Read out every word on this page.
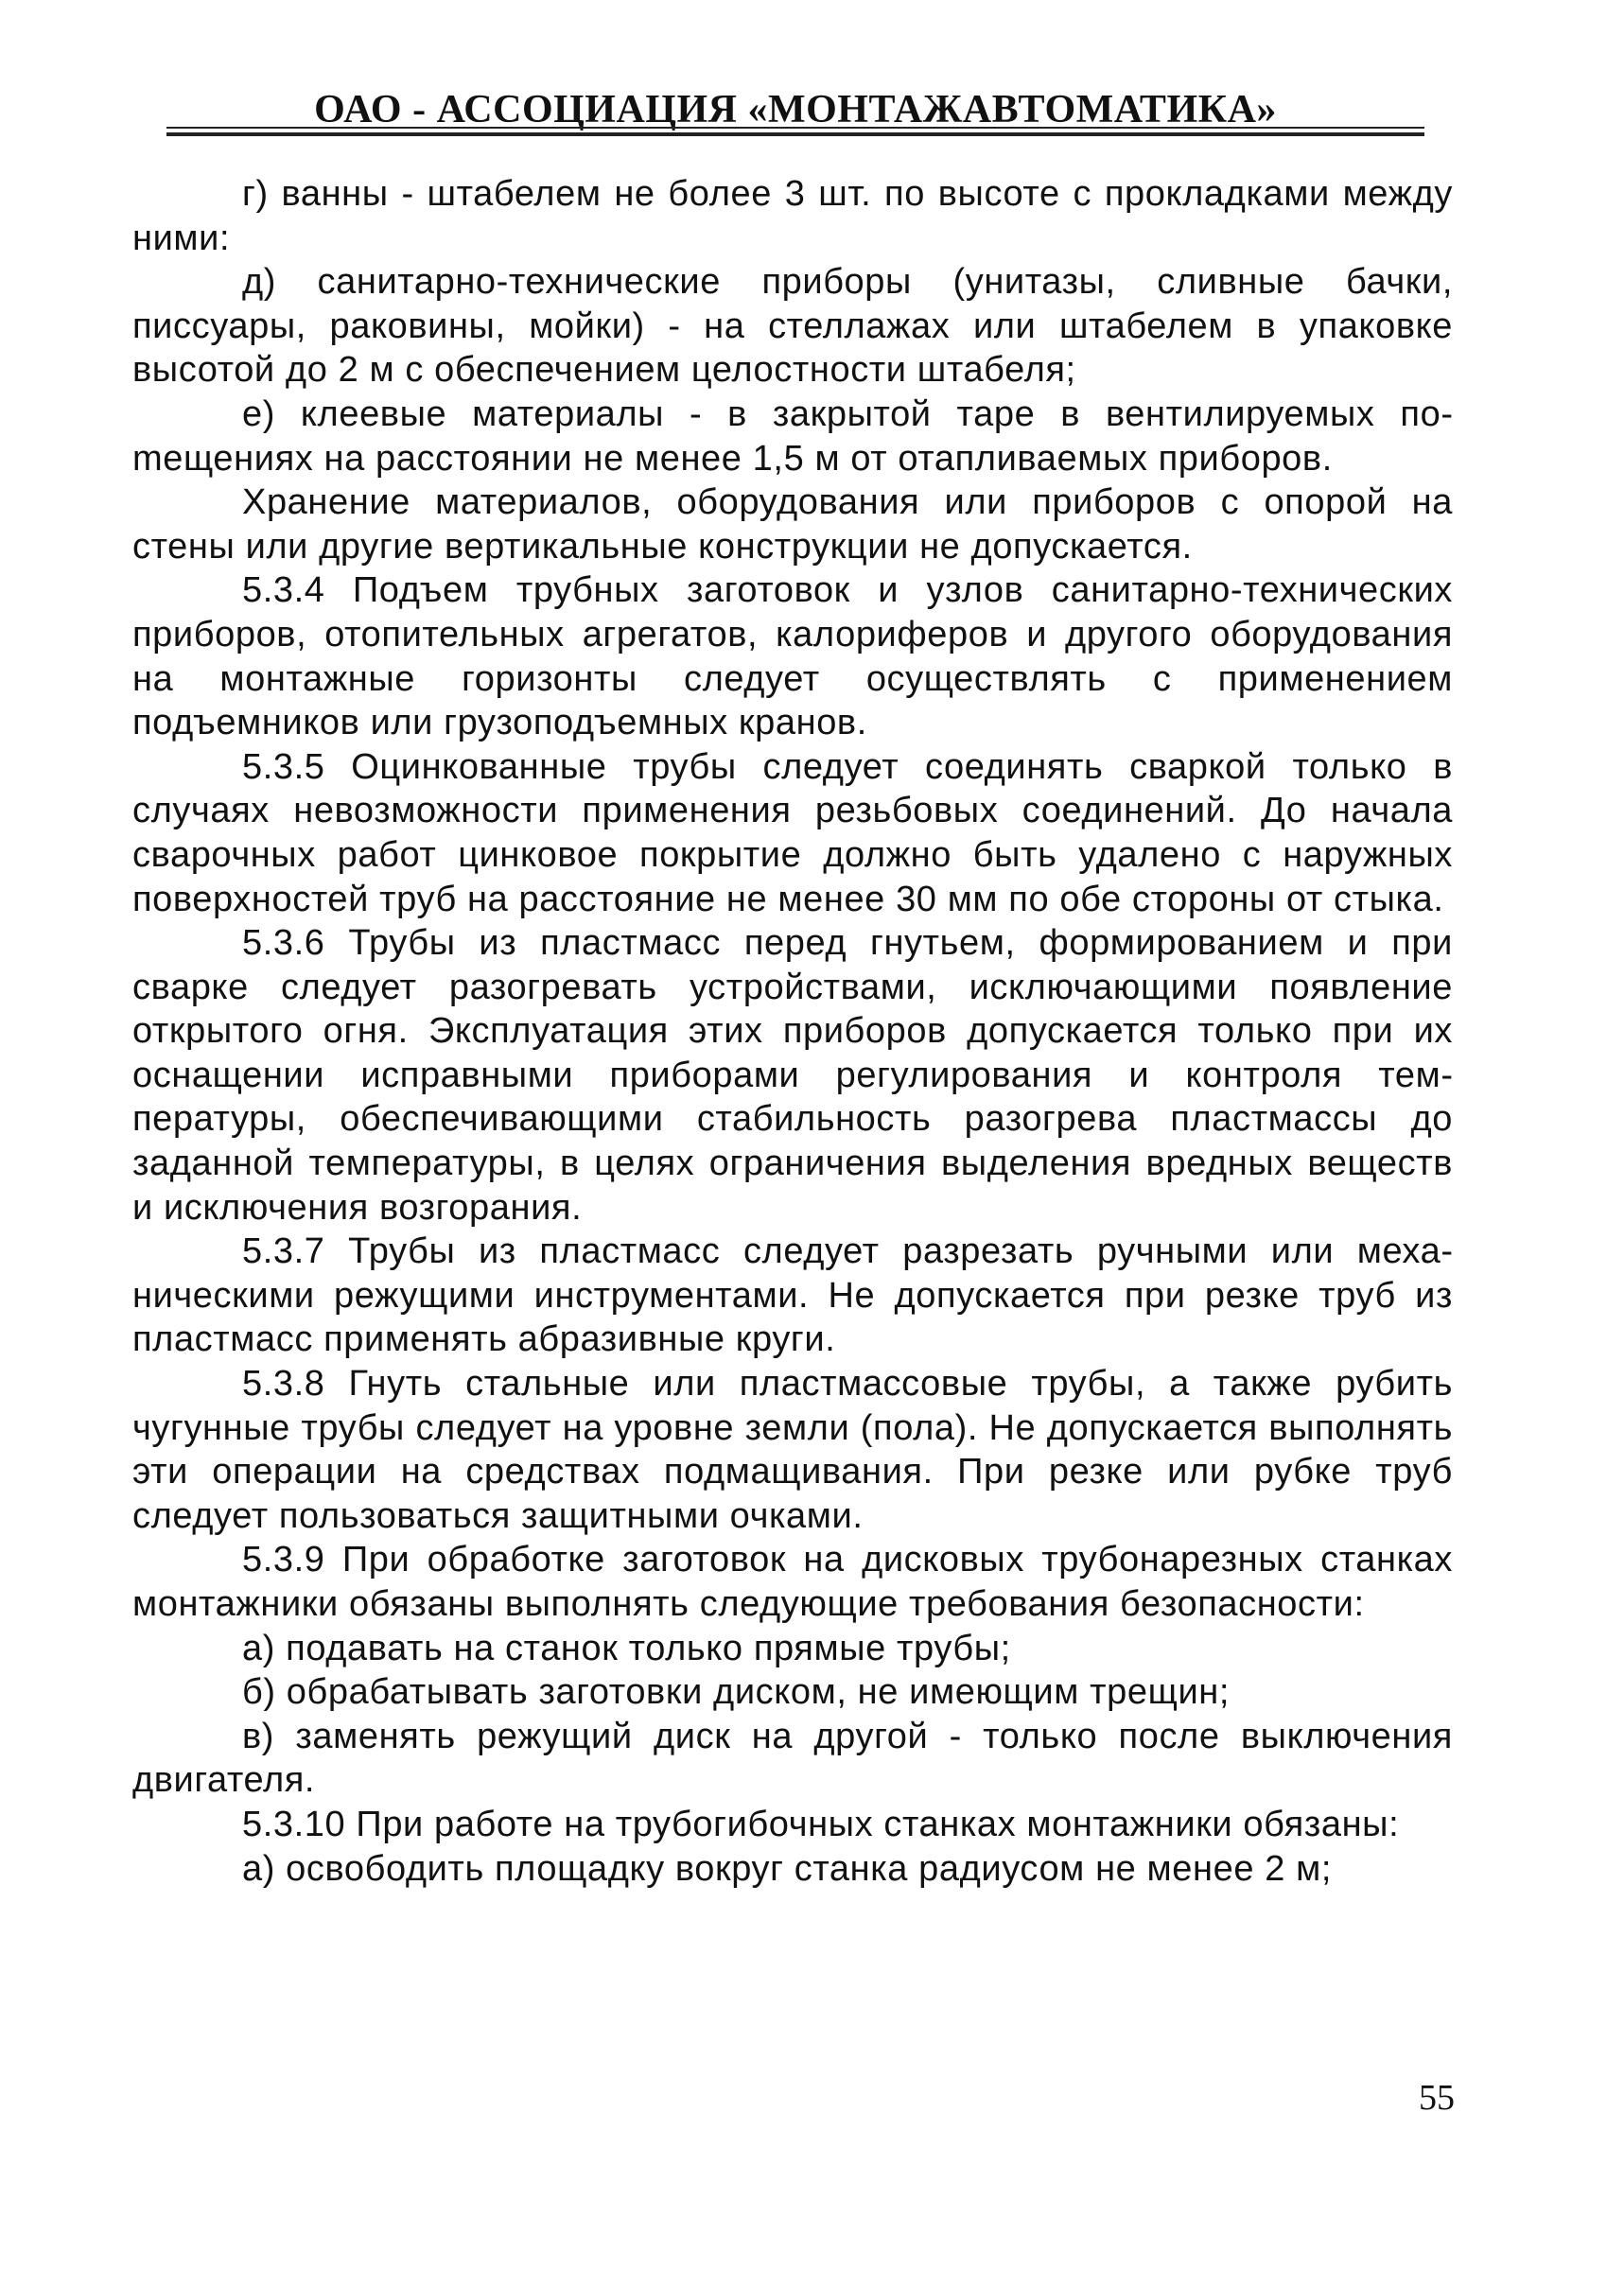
ОАО - АССОЦИАЦИЯ «МОНТАЖАВТОМАТИКА»

г) ванны - штабелем не более 3 шт. по высоте с прокладками между ними:

д) санитарно-технические приборы (унитазы, сливные бачки, писсуары, раковины, мойки) - на стеллажах или штабелем в упаковке высотой до 2 м с обеспечением целостности штабеля;

е) клеевые материалы - в закрытой таре в вентилируемых поmещениях на расстоянии не менее 1,5 м от отапливаемых приборов.

Хранение материалов, оборудования или приборов с опорой на стены или другие вертикальные конструкции не допускается.

5.3.4 Подъем трубных заготовок и узлов санитарно-технических приборов, отопительных агрегатов, калориферов и другого оборудования на монтажные горизонты следует осуществлять с применением подъемников или грузоподъемных кранов.

5.3.5 Оцинкованные трубы следует соединять сваркой только в случаях невозможности применения резьбовых соединений. До начала сварочных работ цинковое покрытие должно быть удалено с наружных поверхностей труб на расстояние не менее 30 мм по обе стороны от стыка.

5.3.6 Трубы из пластмасс перед гнутьем, формированием и при сварке следует разогревать устройствами, исключающими появление открытого огня. Эксплуатация этих приборов допускается только при их оснащении исправными приборами регулирования и контроля температуры, обеспечивающими стабильность разогрева пластмассы до заданной температуры, в целях ограничения выделения вредных веществ и исключения возгорания.

5.3.7 Трубы из пластмасс следует разрезать ручными или механическими режущими инструментами. Не допускается при резке труб из пластмасс применять абразивные круги.

5.3.8 Гнуть стальные или пластмассовые трубы, а также рубить чугунные трубы следует на уровне земли (пола). Не допускается выполнять эти операции на средствах подмащивания. При резке или рубке труб следует пользоваться защитными очками.

5.3.9 При обработке заготовок на дисковых трубонарезных станках монтажники обязаны выполнять следующие требования безопасности:

а) подавать на станок только прямые трубы;

б) обрабатывать заготовки диском, не имеющим трещин;

в) заменять режущий диск на другой - только после выключения двигателя.

5.3.10 При работе на трубогибочных станках монтажники обязаны:

а) освободить площадку вокруг станка радиусом не менее 2 м;

55
